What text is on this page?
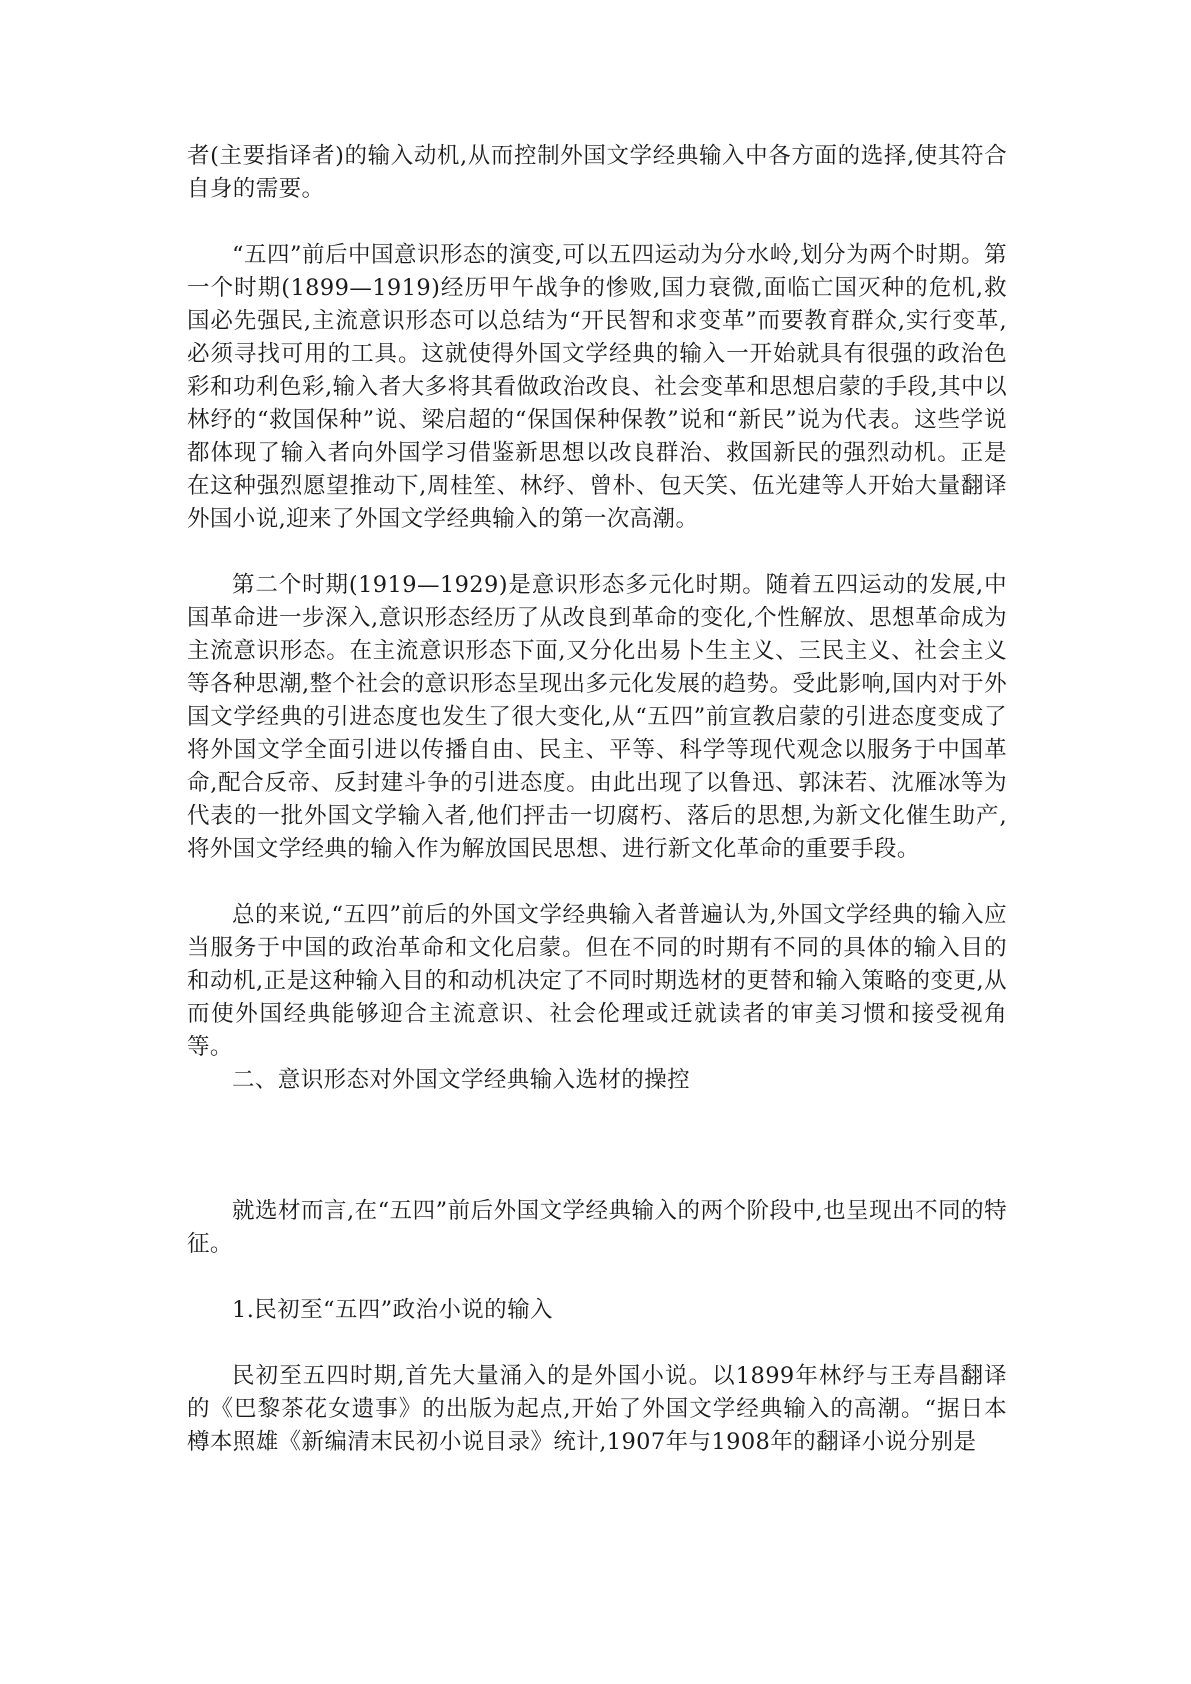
者(主要指译者)的输入动机,从而控制外国文学经典输入中各方面的选择,使其符合自身的需要。

“五四”前后中国意识形态的演变,可以五四运动为分水岭,划分为两个时期。第一个时期(1899—1919)经历甲午战争的惨败,国力衰微,面临亡国灭种的危机,救国必先强民,主流意识形态可以总结为“开民智和求变革”而要教育群众,实行变革,必须寻找可用的工具。这就使得外国文学经典的输入一开始就具有很强的政治色彩和功利色彩,输入者大多将其看做政治改良、社会变革和思想启蒙的手段,其中以林纾的“救国保种”说、梁启超的“保国保种保教”说和“新民”说为代表。这些学说都体现了输入者向外国学习借鉴新思想以改良群治、救国新民的强烈动机。正是在这种强烈愿望推动下,周桂笙、林纾、曾朴、包天笑、伍光建等人开始大量翻译外国小说,迎来了外国文学经典输入的第一次高潮。

第二个时期(1919—1929)是意识形态多元化时期。随着五四运动的发展,中国革命进一步深入,意识形态经历了从改良到革命的变化,个性解放、思想革命成为主流意识形态。在主流意识形态下面,又分化出易卜生主义、三民主义、社会主义等各种思潮,整个社会的意识形态呈现出多元化发展的趋势。受此影响,国内对于外国文学经典的引进态度也发生了很大变化,从“五四”前宣教启蒙的引进态度变成了将外国文学全面引进以传播自由、民主、平等、科学等现代观念以服务于中国革命,配合反帝、反封建斗争的引进态度。由此出现了以鲁迅、郭沫若、沈雁冰等为代表的一批外国文学输入者,他们抨击一切腐朽、落后的思想,为新文化催生助产,将外国文学经典的输入作为解放国民思想、进行新文化革命的重要手段。

总的来说,“五四”前后的外国文学经典输入者普遍认为,外国文学经典的输入应当服务于中国的政治革命和文化启蒙。但在不同的时期有不同的具体的输入目的和动机,正是这种输入目的和动机决定了不同时期选材的更替和输入策略的变更,从而使外国经典能够迎合主流意识、社会伦理或迁就读者的审美习惯和接受视角等。

二、意识形态对外国文学经典输入选材的操控

就选材而言,在“五四”前后外国文学经典输入的两个阶段中,也呈现出不同的特征。

1.民初至“五四”政治小说的输入

民初至五四时期,首先大量涌入的是外国小说。以1899年林纾与王寿昌翻译的《巴黎茶花女遗事》的出版为起点,开始了外国文学经典输入的高潮。“据日本樽本照雄《新编清末民初小说目录》统计,1907年与1908年的翻译小说分别是
